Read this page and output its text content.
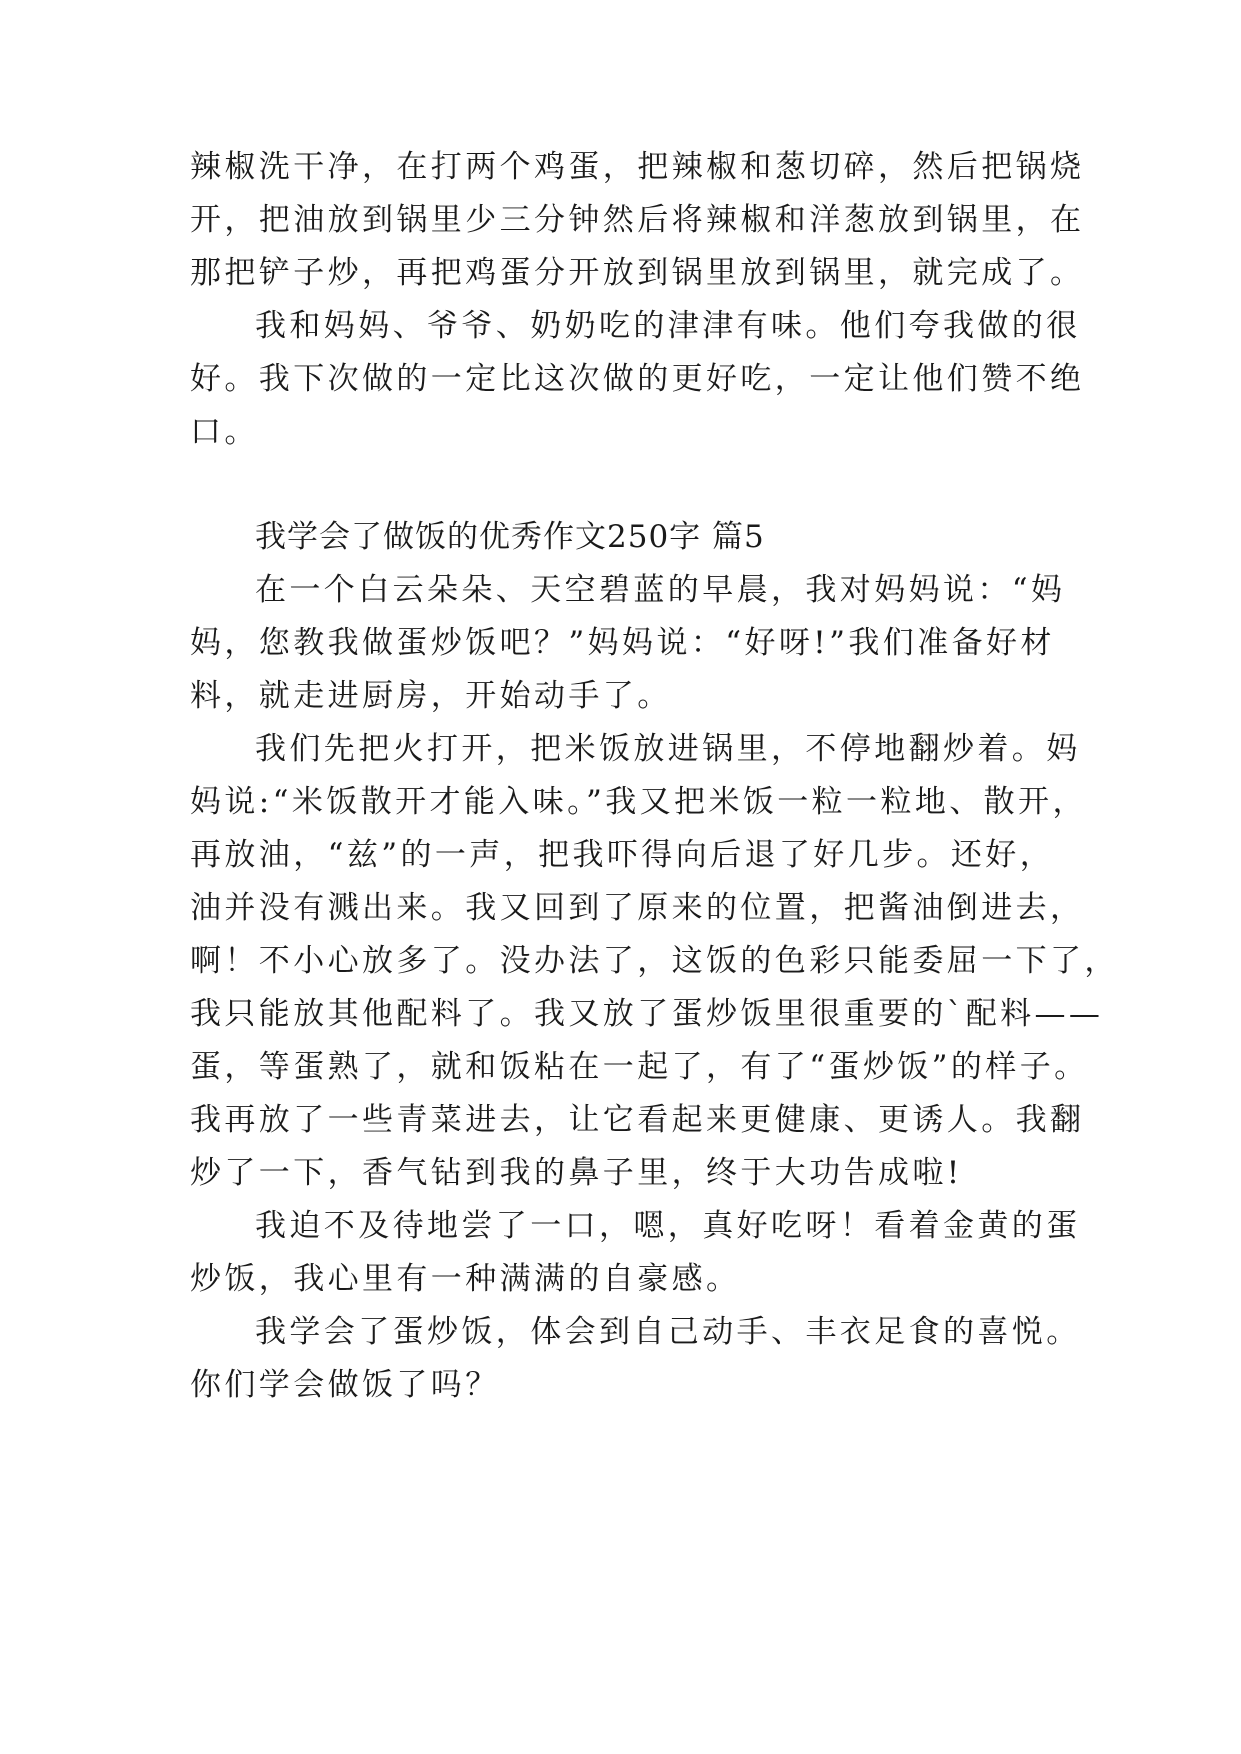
辣椒洗干净，在打两个鸡蛋，把辣椒和葱切碎，然后把锅烧
开，把油放到锅里少三分钟然后将辣椒和洋葱放到锅里，在
那把铲子炒，再把鸡蛋分开放到锅里放到锅里，就完成了。
我和妈妈、爷爷、奶奶吃的津津有味。他们夸我做的很
好。我下次做的一定比这次做的更好吃，一定让他们赞不绝
口。
我学会了做饭的优秀作文250字 篇5
在一个白云朵朵、天空碧蓝的早晨，我对妈妈说：“妈
妈，您教我做蛋炒饭吧？”妈妈说：“好呀!”我们准备好材
料，就走进厨房，开始动手了。
我们先把火打开，把米饭放进锅里，不停地翻炒着。妈
妈说:“米饭散开才能入味。”我又把米饭一粒一粒地、散开，
再放油，“兹”的一声，把我吓得向后退了好几步。还好，
油并没有溅出来。我又回到了原来的位置，把酱油倒进去，
啊！不小心放多了。没办法了，这饭的色彩只能委屈一下了，
我只能放其他配料了。我又放了蛋炒饭里很重要的`配料——
蛋，等蛋熟了，就和饭粘在一起了，有了“蛋炒饭”的样子。
我再放了一些青菜进去，让它看起来更健康、更诱人。我翻
炒了一下，香气钻到我的鼻子里，终于大功告成啦!
我迫不及待地尝了一口，嗯，真好吃呀！看着金黄的蛋
炒饭，我心里有一种满满的自豪感。
我学会了蛋炒饭，体会到自己动手、丰衣足食的喜悦。
你们学会做饭了吗？
